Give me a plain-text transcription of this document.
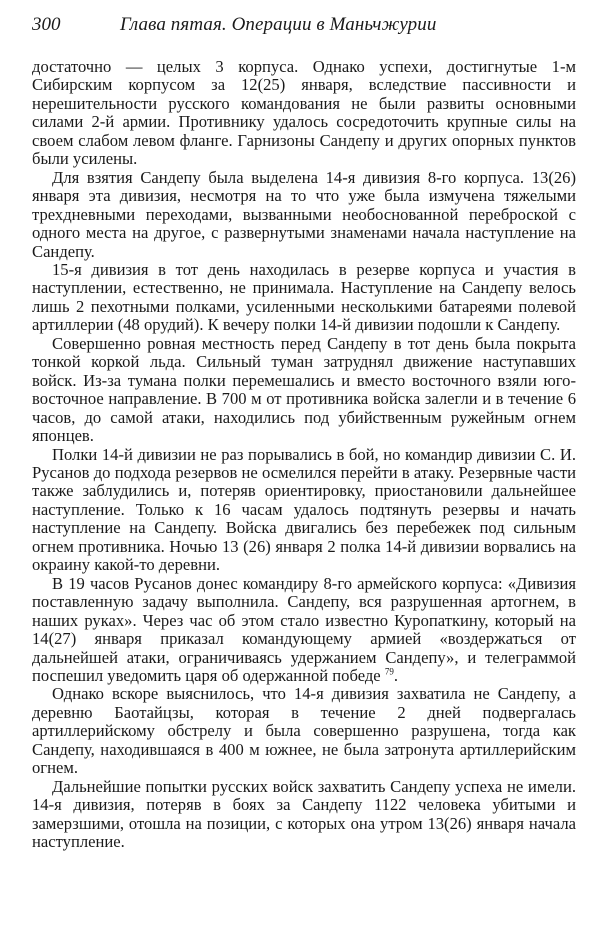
300	Глава пятая. Операции в Маньчжурии

достаточно — целых 3 корпуса. Однако успехи, достигнутые 1-м Сибирским корпусом за 12(25) января, вследствие пассивности и нерешительности русского командования не были развиты основными силами 2-й армии. Противнику удалось сосредоточить крупные силы на своем слабом левом фланге. Гарнизоны Сандепу и других опорных пунктов были усилены.

Для взятия Сандепу была выделена 14-я дивизия 8-го корпуса. 13(26) января эта дивизия, несмотря на то что уже была измучена тяжелыми трехдневными переходами, вызванными необоснованной переброской с одного места на другое, с развернутыми знаменами начала наступление на Сандепу.

15-я дивизия в тот день находилась в резерве корпуса и участия в наступлении, естественно, не принимала. Наступление на Сандепу велось лишь 2 пехотными полками, усиленными несколькими батареями полевой артиллерии (48 орудий). К вечеру полки 14-й дивизии подошли к Сандепу.

Совершенно ровная местность перед Сандепу в тот день была покрыта тонкой коркой льда. Сильный туман затруднял движение наступавших войск. Из-за тумана полки перемешались и вместо восточного взяли юго-восточное направление. В 700 м от противника войска залегли и в течение 6 часов, до самой атаки, находились под убийственным ружейным огнем японцев.

Полки 14-й дивизии не раз порывались в бой, но командир дивизии С. И. Русанов до подхода резервов не осмелился перейти в атаку. Резервные части также заблудились и, потеряв ориентировку, приостановили дальнейшее наступление. Только к 16 часам удалось подтянуть резервы и начать наступление на Сандепу. Войска двигались без перебежек под сильным огнем противника. Ночью 13 (26) января 2 полка 14-й дивизии ворвались на окраину какой-то деревни.

В 19 часов Русанов донес командиру 8-го армейского корпуса: «Дивизия поставленную задачу выполнила. Сандепу, вся разрушенная артогнем, в наших руках». Через час об этом стало известно Куропаткину, который на 14(27) января приказал командующему армией «воздержаться от дальнейшей атаки, ограничиваясь удержанием Сандепу», и телеграммой поспешил уведомить царя об одержанной победе $^{79}$.

Однако вскоре выяснилось, что 14-я дивизия захватила не Сандепу, а деревню Баотайцзы, которая в течение 2 дней подвергалась артиллерийскому обстрелу и была совершенно разрушена, тогда как Сандепу, находившаяся в 400 м южнее, не была затронута артиллерийским огнем.

Дальнейшие попытки русских войск захватить Сандепу успеха не имели. 14-я дивизия, потеряв в боях за Сандепу 1122 человека убитыми и замерзшими, отошла на позиции, с которых она утром 13(26) января начала наступление.
